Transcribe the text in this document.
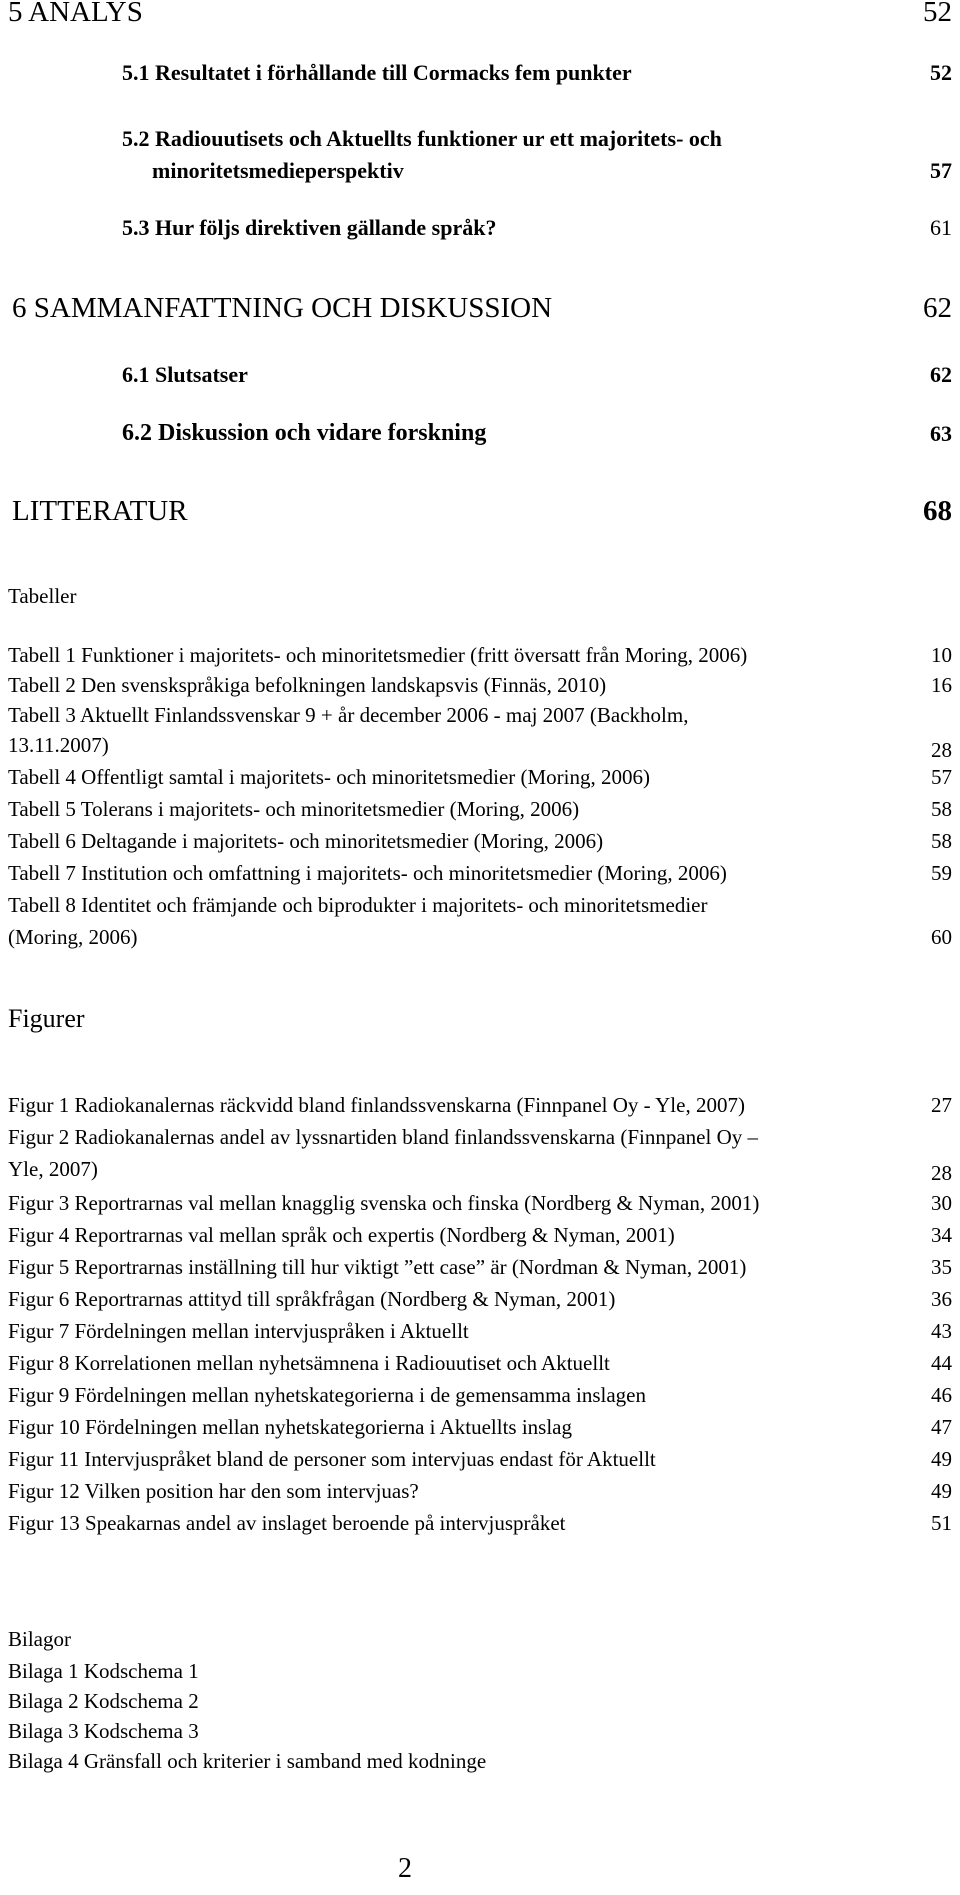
5 ANALYS	52
5.1 Resultatet i förhållande till Cormacks fem punkter	52
5.2 Radiouutisets och Aktuellts funktioner ur ett majoritets- och
minoritetsmedieperspektiv	57
5.3 Hur följs direktiven gällande språk?	61
6 SAMMANFATTNING OCH DISKUSSION	62
6.1 Slutsatser	62
6.2 Diskussion och vidare forskning	63
LITTERATUR	68
Tabeller
Tabell 1 Funktioner i majoritets- och minoritetsmedier (fritt översatt från Moring, 2006)	10
Tabell 2 Den svenskspråkiga befolkningen landskapsvis (Finnäs, 2010)	16
Tabell 3 Aktuellt Finlandssvenskar 9 + år december 2006 - maj 2007 (Backholm,
13.11.2007)	28
Tabell 4 Offentligt samtal i majoritets- och minoritetsmedier (Moring, 2006)	57
Tabell 5 Tolerans i majoritets- och minoritetsmedier (Moring, 2006)	58
Tabell 6 Deltagande i majoritets- och minoritetsmedier (Moring, 2006)	58
Tabell 7 Institution och omfattning i majoritets- och minoritetsmedier (Moring, 2006)	59
Tabell 8 Identitet och främjande och biprodukter i majoritets- och minoritetsmedier
(Moring, 2006)	60
Figurer
Figur 1 Radiokanalernas räckvidd bland finlandssvenskarna (Finnpanel Oy - Yle, 2007)	27
Figur 2 Radiokanalernas andel av lyssnartiden bland finlandssvenskarna (Finnpanel Oy –
Yle, 2007)	28
Figur 3 Reportrarnas val mellan knagglig svenska och finska (Nordberg & Nyman, 2001)	30
Figur 4 Reportrarnas val mellan språk och expertis (Nordberg & Nyman, 2001)	34
Figur 5 Reportrarnas inställning till hur viktigt ”ett case” är (Nordman & Nyman, 2001)	35
Figur 6 Reportrarnas attityd till språkfrågan (Nordberg & Nyman, 2001)	36
Figur 7 Fördelningen mellan intervjuspråken i Aktuellt	43
Figur 8 Korrelationen mellan nyhetsämnena i Radiouutiset och Aktuellt	44
Figur 9 Fördelningen mellan nyhetskategorierna i de gemensamma inslagen	46
Figur 10 Fördelningen mellan nyhetskategorierna i Aktuellts inslag	47
Figur 11 Intervjuspråket bland de personer som intervjuas endast för Aktuellt	49
Figur 12 Vilken position har den som intervjuas?	49
Figur 13 Speakarnas andel av inslaget beroende på intervjuspråket	51
Bilagor
Bilaga 1 Kodschema 1
Bilaga 2 Kodschema 2
Bilaga 3 Kodschema 3
Bilaga 4 Gränsfall och kriterier i samband med kodninge
2
